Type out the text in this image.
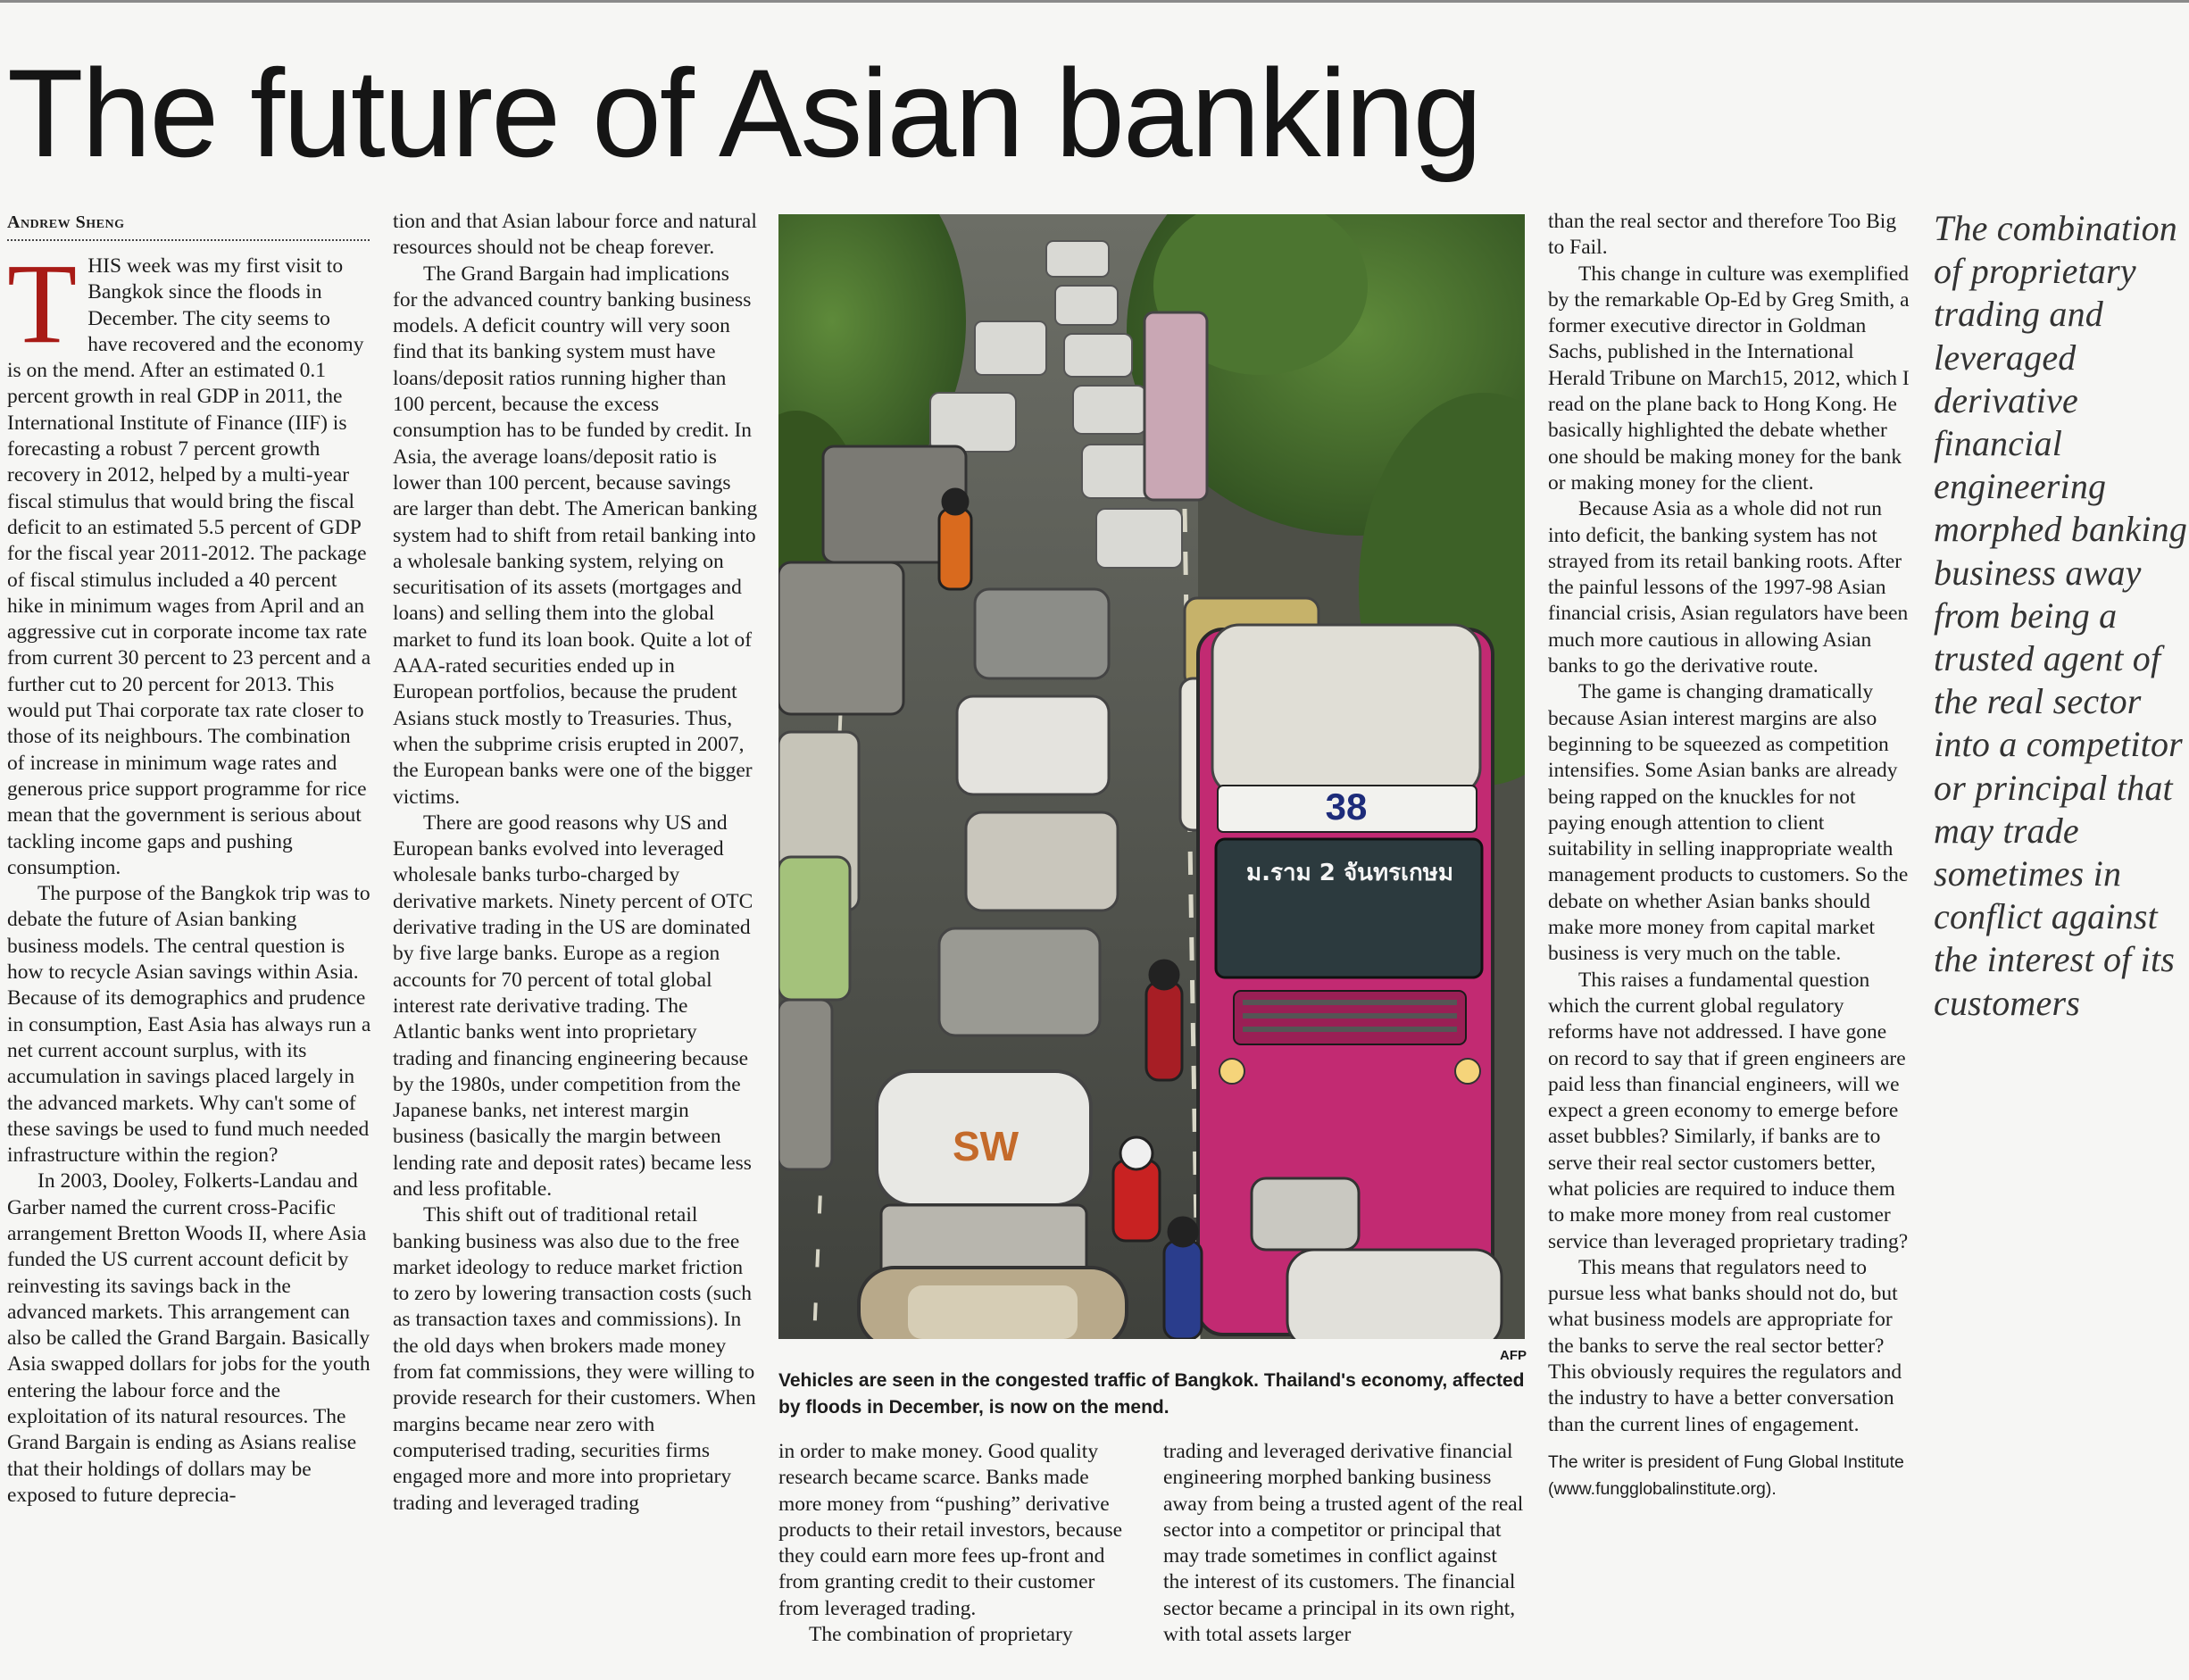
The future of Asian banking
Andrew Sheng

THIS week was my first visit to Bangkok since the floods in December. The city seems to have recovered and the economy is on the mend. After an estimated 0.1 percent growth in real GDP in 2011, the International Institute of Finance (IIF) is forecasting a robust 7 percent growth recovery in 2012, helped by a multi-year fiscal stimulus that would bring the fiscal deficit to an estimated 5.5 percent of GDP for the fiscal year 2011-2012. The package of fiscal stimulus included a 40 percent hike in minimum wages from April and an aggressive cut in corporate income tax rate from current 30 percent to 23 percent and a further cut to 20 percent for 2013. This would put Thai corporate tax rate closer to those of its neighbours. The combination of increase in minimum wage rates and generous price support programme for rice mean that the government is serious about tackling income gaps and pushing consumption.

The purpose of the Bangkok trip was to debate the future of Asian banking business models. The central question is how to recycle Asian savings within Asia. Because of its demographics and prudence in consumption, East Asia has always run a net current account surplus, with its accumulation in savings placed largely in the advanced markets. Why can't some of these savings be used to fund much needed infrastructure within the region?

In 2003, Dooley, Folkerts-Landau and Garber named the current cross-Pacific arrangement Bretton Woods II, where Asia funded the US current account deficit by reinvesting its savings back in the advanced markets. This arrangement can also be called the Grand Bargain. Basically Asia swapped dollars for jobs for the youth entering the labour force and the exploitation of its natural resources. The Grand Bargain is ending as Asians realise that their holdings of dollars may be exposed to future deprecia-

tion and that Asian labour force and natural resources should not be cheap forever.

The Grand Bargain had implications for the advanced country banking business models. A deficit country will very soon find that its banking system must have loans/deposit ratios running higher than 100 percent, because the excess consumption has to be funded by credit. In Asia, the average loans/deposit ratio is lower than 100 percent, because savings are larger than debt. The American banking system had to shift from retail banking into a wholesale banking system, relying on securitisation of its assets (mortgages and loans) and selling them into the global market to fund its loan book. Quite a lot of AAA-rated securities ended up in European portfolios, because the prudent Asians stuck mostly to Treasuries. Thus, when the subprime crisis erupted in 2007, the European banks were one of the bigger victims.

There are good reasons why US and European banks evolved into leveraged wholesale banks turbo-charged by derivative markets. Ninety percent of OTC derivative trading in the US are dominated by five large banks. Europe as a region accounts for 70 percent of total global interest rate derivative trading. The Atlantic banks went into proprietary trading and financing engineering because by the 1980s, under competition from the Japanese banks, net interest margin business (basically the margin between lending rate and deposit rates) became less and less profitable.

This shift out of traditional retail banking business was also due to the free market ideology to reduce market friction to zero by lowering transaction costs (such as transaction taxes and commissions). In the old days when brokers made money from fat commissions, they were willing to provide research for their customers. When margins became near zero with computerised trading, securities firms engaged more and more into proprietary trading and leveraged trading

38
ม.ราม 2 จันทรเกษม
SW
AFP
Vehicles are seen in the congested traffic of Bangkok. Thailand's economy, affected by floods in December, is now on the mend.

in order to make money. Good quality research became scarce. Banks made more money from “pushing” derivative products to their retail investors, because they could earn more fees up-front and from granting credit to their customer from leveraged trading.

The combination of proprietary

trading and leveraged derivative financial engineering morphed banking business away from being a trusted agent of the real sector into a competitor or principal that may trade sometimes in conflict against the interest of its customers. The financial sector became a principal in its own right, with total assets larger

than the real sector and therefore Too Big to Fail.

This change in culture was exemplified by the remarkable Op-Ed by Greg Smith, a former executive director in Goldman Sachs, published in the International Herald Tribune on March15, 2012, which I read on the plane back to Hong Kong. He basically highlighted the debate whether one should be making money for the bank or making money for the client.

Because Asia as a whole did not run into deficit, the banking system has not strayed from its retail banking roots. After the painful lessons of the 1997-98 Asian financial crisis, Asian regulators have been much more cautious in allowing Asian banks to go the derivative route.

The game is changing dramatically because Asian interest margins are also beginning to be squeezed as competition intensifies. Some Asian banks are already being rapped on the knuckles for not paying enough attention to client suitability in selling inappropriate wealth management products to customers. So the debate on whether Asian banks should make more money from capital market business is very much on the table.

This raises a fundamental question which the current global regulatory reforms have not addressed. I have gone on record to say that if green engineers are paid less than financial engineers, will we expect a green economy to emerge before asset bubbles? Similarly, if banks are to serve their real sector customers better, what policies are required to induce them to make more money from real customer service than leveraged proprietary trading?

This means that regulators need to pursue less what banks should not do, but what business models are appropriate for the banks to serve the real sector better? This obviously requires the regulators and the industry to have a better conversation than the current lines of engagement.

The writer is president of Fung Global Institute (www.fungglobalinstitute.org).

The combination of proprietary trading and leveraged derivative financial engineering morphed banking business away from being a trusted agent of the real sector into a competitor or principal that may trade sometimes in conflict against the interest of its customers
